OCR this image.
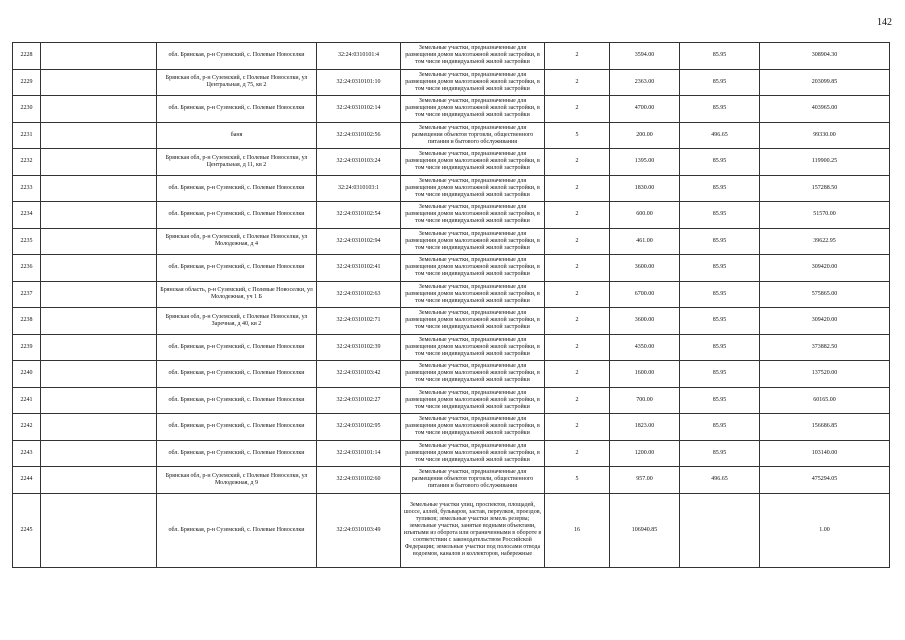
142
2228		обл. Брянская, р-н Суземский, с. Полевые Новоселки	32:24:0310101:4	Земельные участки, предназначенные для размещения домов малоэтажной жилой застройки, в том числе индивидуальной жилой застройки	2	3594.00	85.95	308904.30
2229		Брянская обл, р-н Суземский, с Полевые Новоселки, ул Центральная, д 75, кв 2	32:24:0310101:10	Земельные участки, предназначенные для размещения домов малоэтажной жилой застройки, в том числе индивидуальной жилой застройки	2	2363.00	85.95	203099.85
2230		обл. Брянская, р-н Суземский, с. Полевые Новоселки	32:24:0310102:14	Земельные участки, предназначенные для размещения домов малоэтажной жилой застройки, в том числе индивидуальной жилой застройки	2	4700.00	85.95	403965.00
2231		баня	32:24:0310102:56	Земельные участки, предназначенные для размещения объектов торговли, общественного питания и бытового обслуживания	5	200.00	496.65	99330.00
2232		Брянская обл, р-н Суземский, с Полевые Новоселки, ул Центральная, д 11, кв 2	32:24:0310103:24	Земельные участки, предназначенные для размещения домов малоэтажной жилой застройки, в том числе индивидуальной жилой застройки	2	1395.00	85.95	119900.25
2233		обл. Брянская, р-н Суземский, с. Полевые Новоселки	32:24:0310103:1	Земельные участки, предназначенные для размещения домов малоэтажной жилой застройки, в том числе индивидуальной жилой застройки	2	1830.00	85.95	157288.50
2234		обл. Брянская, р-н Суземский, с. Полевые Новоселки	32:24:0310102:54	Земельные участки, предназначенные для размещения домов малоэтажной жилой застройки, в том числе индивидуальной жилой застройки	2	600.00	85.95	51570.00
2235		Брянская обл, р-н Суземский, с Полевые Новоселки, ул Молодежная, д 4	32:24:0310102:94	Земельные участки, предназначенные для размещения домов малоэтажной жилой застройки, в том числе индивидуальной жилой застройки	2	461.00	85.95	39622.95
2236		обл. Брянская, р-н Суземский, с. Полевые Новоселки	32:24:0310102:41	Земельные участки, предназначенные для размещения домов малоэтажной жилой застройки, в том числе индивидуальной жилой застройки	2	3600.00	85.95	309420.00
2237		Брянская область, р-н Суземский, с Полевые Новоселки, ул Молодежная, уч 1 Б	32:24:0310102:63	Земельные участки, предназначенные для размещения домов малоэтажной жилой застройки, в том числе индивидуальной жилой застройки	2	6700.00	85.95	575865.00
2238		Брянская обл, р-н Суземский, с Полевые Новоселки, ул Заречная, д 40, кв 2	32:24:0310102:71	Земельные участки, предназначенные для размещения домов малоэтажной жилой застройки, в том числе индивидуальной жилой застройки	2	3600.00	85.95	309420.00
2239		обл. Брянская, р-н Суземский, с. Полевые Новоселки	32:24:0310102:39	Земельные участки, предназначенные для размещения домов малоэтажной жилой застройки, в том числе индивидуальной жилой застройки	2	4350.00	85.95	373882.50
2240		обл. Брянская, р-н Суземский, с. Полевые Новоселки	32:24:0310103:42	Земельные участки, предназначенные для размещения домов малоэтажной жилой застройки, в том числе индивидуальной жилой застройки	2	1600.00	85.95	137520.00
2241		обл. Брянская, р-н Суземский, с. Полевые Новоселки	32:24:0310102:27	Земельные участки, предназначенные для размещения домов малоэтажной жилой застройки, в том числе индивидуальной жилой застройки	2	700.00	85.95	60165.00
2242		обл. Брянская, р-н Суземский, с. Полевые Новоселки	32:24:0310102:95	Земельные участки, предназначенные для размещения домов малоэтажной жилой застройки, в том числе индивидуальной жилой застройки	2	1823.00	85.95	156686.85
2243		обл. Брянская, р-н Суземский, с. Полевые Новоселки	32:24:0310101:14	Земельные участки, предназначенные для размещения домов малоэтажной жилой застройки, в том числе индивидуальной жилой застройки	2	1200.00	85.95	103140.00
2244		Брянская обл, р-н Суземский, с Полевые Новоселки, ул Молодежная, д 9	32:24:0310102:60	Земельные участки, предназначенные для размещения объектов торговли, общественного питания и бытового обслуживания	5	957.00	496.65	475294.05
2245		обл. Брянская, р-н Суземский, с. Полевые Новоселки	32:24:0310103:49	Земельные участки улиц, проспектов, площадей, шоссе, аллей, бульваров, застав, переулков, проездов, тупиков; земельные участки земель резерва; земельные участки, занятые водными объектами, изъятыми из оборота или ограниченными в обороте в соответствии с законодательством Российской Федерации; земельные участки под полосами отвода водоемов, каналов и коллекторов, набережные	16	106940.85		1.00
